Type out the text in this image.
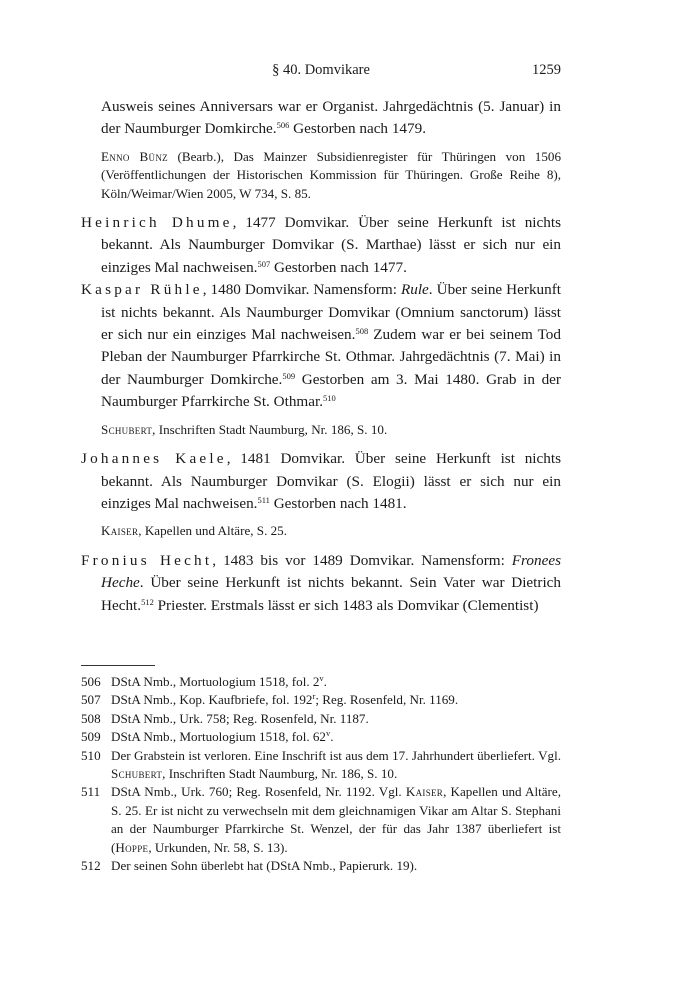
§ 40. Domvikare	1259

Ausweis seines Anniversars war er Organist. Jahrgedächtnis (5. Januar) in der Naumburger Domkirche.$^{506}$ Gestorben nach 1479.

Enno Bünz (Bearb.), Das Mainzer Subsidienregister für Thüringen von 1506 (Veröffentlichungen der Historischen Kommission für Thüringen. Große Reihe 8), Köln/Weimar/Wien 2005, W 734, S. 85.

Heinrich Dhume, 1477 Domvikar. Über seine Herkunft ist nichts bekannt. Als Naumburger Domvikar (S. Marthae) lässt er sich nur ein einziges Mal nachweisen.$^{507}$ Gestorben nach 1477.

Kaspar Rühle, 1480 Domvikar. Namensform: Rule. Über seine Herkunft ist nichts bekannt. Als Naumburger Domvikar (Omnium sanctorum) lässt er sich nur ein einziges Mal nachweisen.$^{508}$ Zudem war er bei seinem Tod Pleban der Naumburger Pfarrkirche St. Othmar. Jahrgedächtnis (7. Mai) in der Naumburger Domkirche.$^{509}$ Gestorben am 3. Mai 1480. Grab in der Naumburger Pfarrkirche St. Othmar.$^{510}$

Schubert, Inschriften Stadt Naumburg, Nr. 186, S. 10.

Johannes Kaele, 1481 Domvikar. Über seine Herkunft ist nichts bekannt. Als Naumburger Domvikar (S. Elogii) lässt er sich nur ein einziges Mal nachweisen.$^{511}$ Gestorben nach 1481.

Kaiser, Kapellen und Altäre, S. 25.

Fronius Hecht, 1483 bis vor 1489 Domvikar. Namensform: Fronees Heche. Über seine Herkunft ist nichts bekannt. Sein Vater war Dietrich Hecht.$^{512}$ Priester. Erstmals lässt er sich 1483 als Domvikar (Clementist)

506 DStA Nmb., Mortuologium 1518, fol. 2$^v$.
507 DStA Nmb., Kop. Kaufbriefe, fol. 192$^r$; Reg. Rosenfeld, Nr. 1169.
508 DStA Nmb., Urk. 758; Reg. Rosenfeld, Nr. 1187.
509 DStA Nmb., Mortuologium 1518, fol. 62$^v$.
510 Der Grabstein ist verloren. Eine Inschrift ist aus dem 17. Jahrhundert überliefert. Vgl. Schubert, Inschriften Stadt Naumburg, Nr. 186, S. 10.
511 DStA Nmb., Urk. 760; Reg. Rosenfeld, Nr. 1192. Vgl. Kaiser, Kapellen und Altäre, S. 25. Er ist nicht zu verwechseln mit dem gleichnamigen Vikar am Altar S. Stephani an der Naumburger Pfarrkirche St. Wenzel, der für das Jahr 1387 überliefert ist (Hoppe, Urkunden, Nr. 58, S. 13).
512 Der seinen Sohn überlebt hat (DStA Nmb., Papierurk. 19).
